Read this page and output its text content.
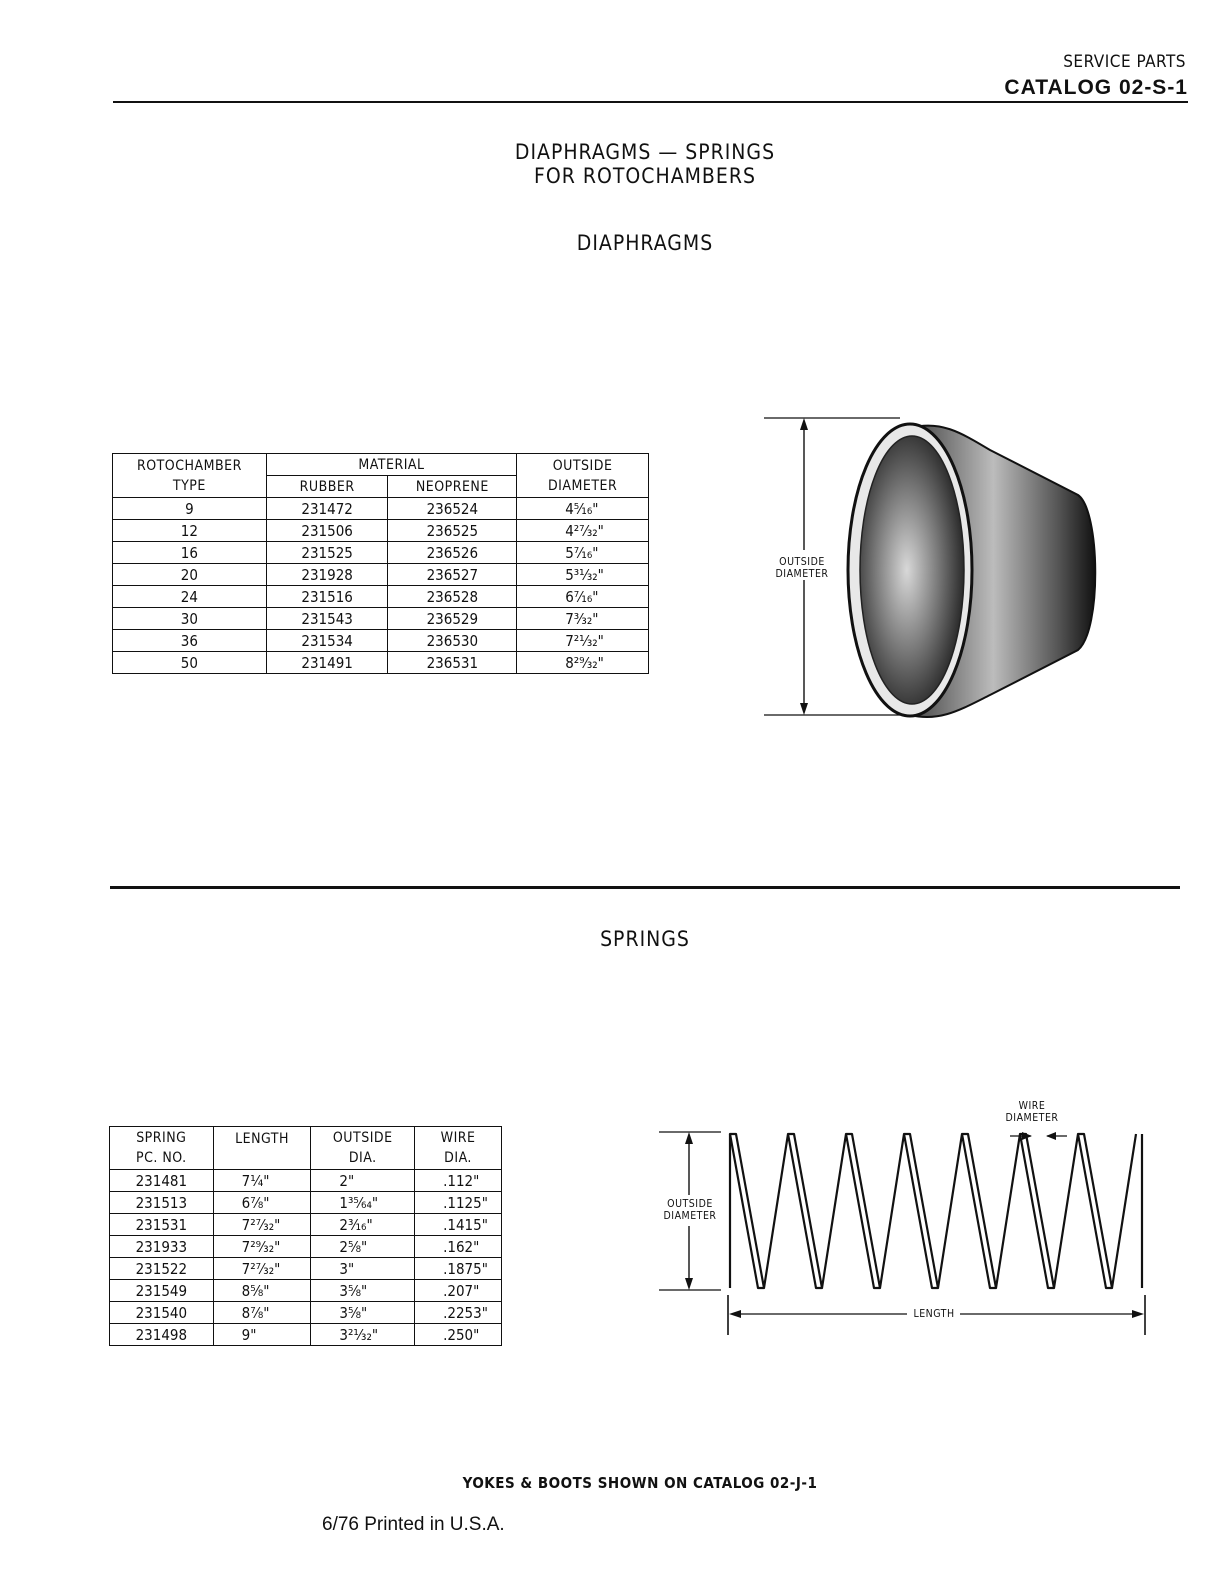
SERVICE PARTS
CATALOG 02-S-1
DIAPHRAGMS — SPRINGS
FOR ROTOCHAMBERS
DIAPHRAGMS
ROTOCHAMBER TYPE	MATERIAL		OUTSIDE DIAMETER
	RUBBER	NEOPRENE	
9	231472	236524	4⁵⁄₁₆"
12	231506	236525	4²⁷⁄₃₂"
16	231525	236526	5⁷⁄₁₆"
20	231928	236527	5³¹⁄₃₂"
24	231516	236528	6⁷⁄₁₆"
30	231543	236529	7³⁄₃₂"
36	231534	236530	7²¹⁄₃₂"
50	231491	236531	8²⁹⁄₃₂"
OUTSIDE DIAMETER
SPRINGS
SPRING PC. NO.	LENGTH	OUTSIDE DIA.	WIRE DIA.
231481	7¹⁄₄"	2"	.112"
231513	6⁷⁄₈"	1³⁵⁄₆₄"	.1125"
231531	7²⁷⁄₃₂"	2³⁄₁₆"	.1415"
231933	7²⁹⁄₃₂"	2⁵⁄₈"	.162"
231522	7²⁷⁄₃₂"	3"	.1875"
231549	8⁵⁄₈"	3⁵⁄₈"	.207"
231540	8⁷⁄₈"	3⁵⁄₈"	.2253"
231498	9"	3²¹⁄₃₂"	.250"
WIRE DIAMETER
OUTSIDE DIAMETER
LENGTH
YOKES & BOOTS SHOWN ON CATALOG 02-J-1
6/76 Printed in U.S.A.
